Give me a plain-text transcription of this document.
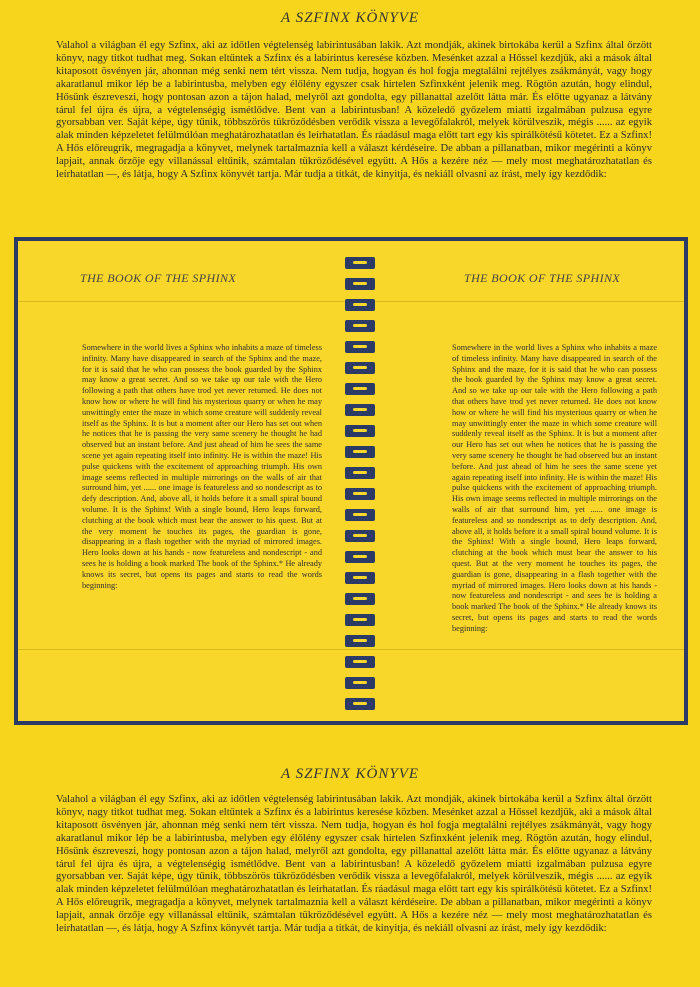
A SZFINX KÖNYVE

Valahol a világban él egy Szfinx, aki az időtlen végtelenség labirintusában lakik. Azt mondják, akinek birtokába kerül a Szfinx által őrzött könyv, nagy titkot tudhat meg. Sokan eltűntek a Szfinx és a labirintus keresése közben. Mesénket azzal a Hőssel kezdjük, aki a mások által kitaposott ösvényen jár, ahonnan még senki nem tért vissza. Nem tudja, hogyan és hol fogja megtalálni rejtélyes zsákmányát, vagy hogy akaratlanul mikor lép be a labirintusba, melyben egy élőlény egyszer csak hirtelen Szfinxként jelenik meg. Rögtön azután, hogy elindul, Hősünk észreveszi, hogy pontosan azon a tájon halad, melyről azt gondolta, egy pillanattal azelőtt látta már. És előtte ugyanaz a látvány tárul fel újra és újra, a végtelenségig ismétlődve. Bent van a labirintusban! A közeledő győzelem miatti izgalmában pulzusa egyre gyorsabban ver. Saját képe, úgy tűnik, többszörös tükröződésben verődik vissza a levegőfalakról, melyek körülveszik, mégis ...... az egyik alak minden képzeletet felülmúlóan meghatározhatatlan és leírhatatlan. És ráadásul maga előtt tart egy kis spirálkötésű kötetet. Ez a Szfinx! A Hős előreugrik, megragadja a könyvet, melynek tartalmaznia kell a választ kérdéseire. De abban a pillanatban, mikor megérinti a könyv lapjait, annak őrzője egy villanással eltűnik, számtalan tükröződésével együtt. A Hős a kezére néz — mely most meghatározhatatlan és leírhatatlan —, és látja, hogy A Szfinx könyvét tartja. Már tudja a titkát, de kinyitja, és nekiáll olvasni az írást, mely így kezdődik:

THE BOOK OF THE SPHINX

Somewhere in the world lives a Sphinx who inhabits a maze of timeless infinity. Many have disappeared in search of the Sphinx and the maze, for it is said that he who can possess the book guarded by the Sphinx may know a great secret. And so we take up our tale with the Hero following a path that others have trod yet never returned. He does not know how or where he will find his mysterious quarry or when he may unwittingly enter the maze in which some creature will suddenly reveal itself as the Sphinx. It is but a moment after our Hero has set out when he notices that he is passing the very same scenery he thought he had observed but an instant before. And just ahead of him he sees the same scene yet again repeating itself into infinity. He is within the maze! His pulse quickens with the excitement of approaching triumph. His own image seems reflected in multiple mirrorings on the walls of air that surround him, yet ...... one image is featureless and so nondescript as to defy description. And, above all, it holds before it a small spiral bound volume. It is the Sphinx! With a single bound, Hero leaps forward, clutching at the book which must bear the answer to his quest. But at the very moment he touches its pages, the guardian is gone, disappearing in a flash together with the myriad of mirrored images. Hero looks down at his hands - now featureless and nondescript - and sees he is holding a book marked The book of the Sphinx.* He already knows its secret, but opens its pages and starts to read the words beginning:

THE BOOK OF THE SPHINX

Somewhere in the world lives a Sphinx who inhabits a maze of timeless infinity. Many have disappeared in search of the Sphinx and the maze, for it is said that he who can possess the book guarded by the Sphinx may know a great secret. And so we take up our tale with the Hero following a path that others have trod yet never returned. He does not know how or where he will find his mysterious quarry or when he may unwittingly enter the maze in which some creature will suddenly reveal itself as the Sphinx. It is but a moment after our Hero has set out when he notices that he is passing the very same scenery he thought he had observed but an instant before. And just ahead of him he sees the same scene yet again repeating itself into infinity. He is within the maze! His pulse quickens with the excitement of approaching triumph. His own image seems reflected in multiple mirrorings on the walls of air that surround him, yet ...... one image is featureless and so nondescript as to defy description. And, above all, it holds before it a small spiral bound volume. It is the Sphinx! With a single bound, Hero leaps forward, clutching at the book which must bear the answer to his quest. But at the very moment he touches its pages, the guardian is gone, disappearing in a flash together with the myriad of mirrored images. Hero looks down at his hands - now featureless and nondescript - and sees he is holding a book marked The book of the Sphinx.* He already knows its secret, but opens its pages and starts to read the words beginning:

A SZFINX KÖNYVE

Valahol a világban él egy Szfinx, aki az időtlen végtelenség labirintusában lakik. Azt mondják, akinek birtokába kerül a Szfinx által őrzött könyv, nagy titkot tudhat meg. Sokan eltűntek a Szfinx és a labirintus keresése közben. Mesénket azzal a Hőssel kezdjük, aki a mások által kitaposott ösvényen jár, ahonnan még senki nem tért vissza. Nem tudja, hogyan és hol fogja megtalálni rejtélyes zsákmányát, vagy hogy akaratlanul mikor lép be a labirintusba, melyben egy élőlény egyszer csak hirtelen Szfinxként jelenik meg. Rögtön azután, hogy elindul, Hősünk észreveszi, hogy pontosan azon a tájon halad, melyről azt gondolta, egy pillanattal azelőtt látta már. És előtte ugyanaz a látvány tárul fel újra és újra, a végtelenségig ismétlődve. Bent van a labirintusban! A közeledő győzelem miatti izgalmában pulzusa egyre gyorsabban ver. Saját képe, úgy tűnik, többszörös tükröződésben verődik vissza a levegőfalakról, melyek körülveszik, mégis ...... az egyik alak minden képzeletet felülmúlóan meghatározhatatlan és leírhatatlan. És ráadásul maga előtt tart egy kis spirálkötésű kötetet. Ez a Szfinx! A Hős előreugrik, megragadja a könyvet, melynek tartalmaznia kell a választ kérdéseire. De abban a pillanatban, mikor megérinti a könyv lapjait, annak őrzője egy villanással eltűnik, számtalan tükröződésével együtt. A Hős a kezére néz — mely most meghatározhatatlan és leírhatatlan —, és látja, hogy A Szfinx könyvét tartja. Már tudja a titkát, de kinyitja, és nekiáll olvasni az írást, mely így kezdődik:
